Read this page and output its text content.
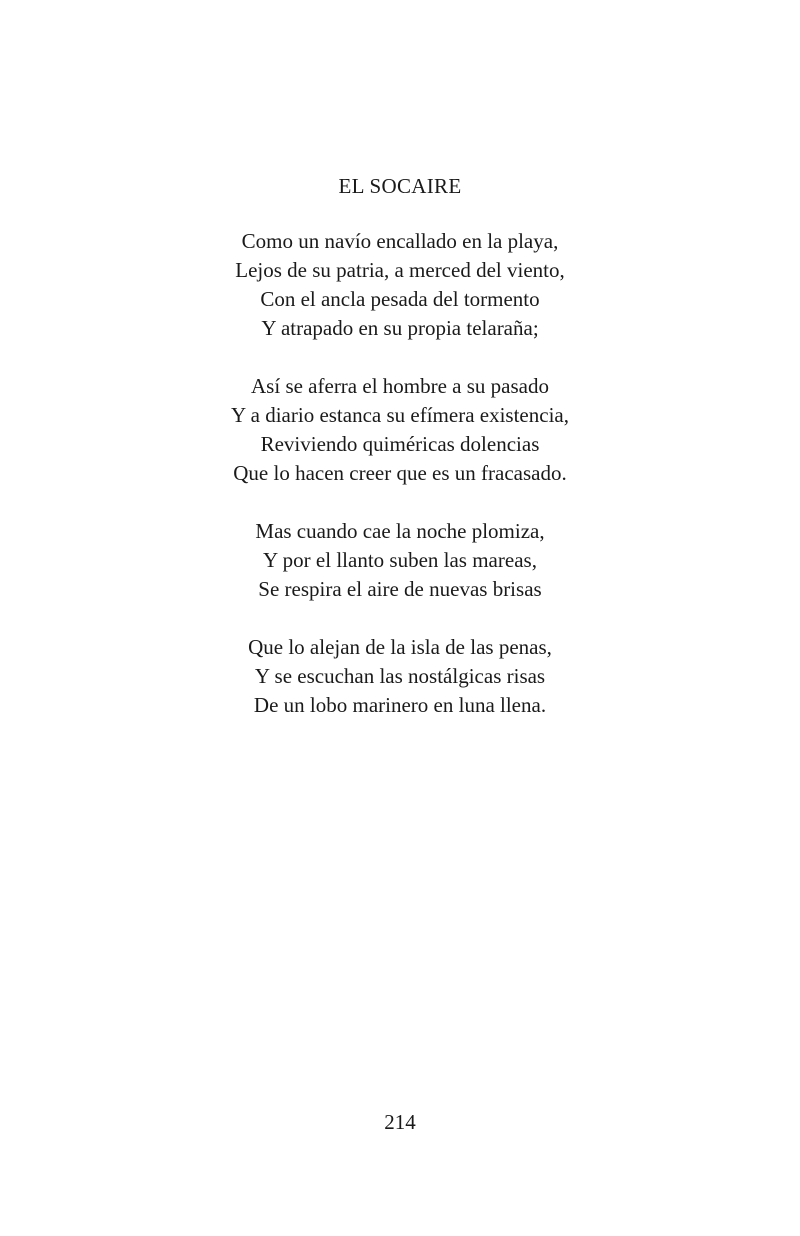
EL SOCAIRE
Como un navío encallado en la playa,
Lejos de su patria, a merced del viento,
Con el ancla pesada del tormento
Y atrapado en su propia telaraña;
Así se aferra el hombre a su pasado
Y a diario estanca su efímera existencia,
Reviviendo quiméricas dolencias
Que lo hacen creer que es un fracasado.
Mas cuando cae la noche plomiza,
Y por el llanto suben las mareas,
Se respira el aire de nuevas brisas
Que lo alejan de la isla de las penas,
Y se escuchan las nostálgicas risas
De un lobo marinero en luna llena.
214
